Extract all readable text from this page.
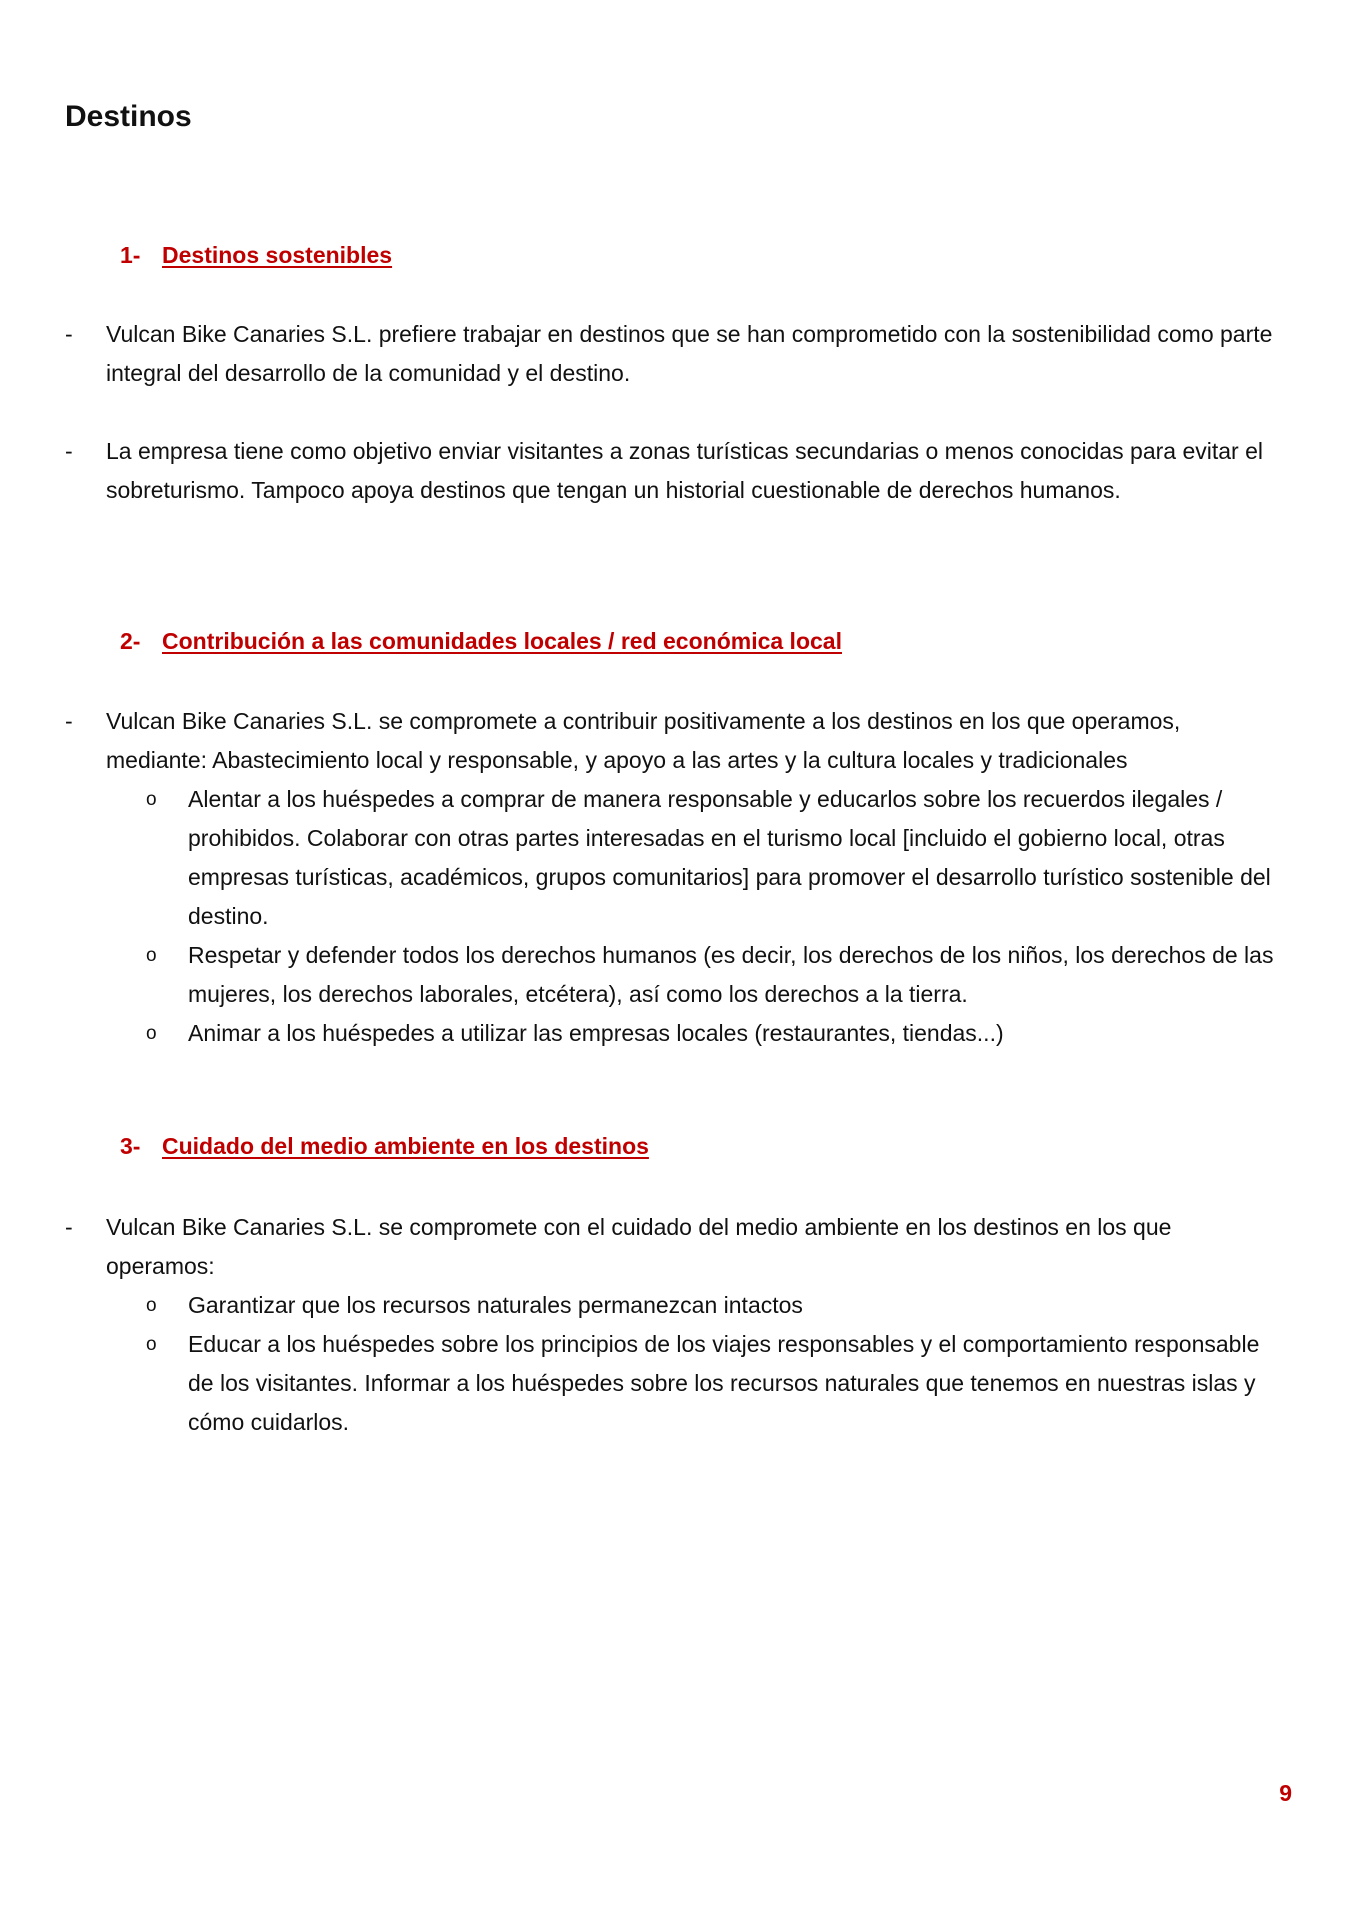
Destinos
1- Destinos sostenibles
- Vulcan Bike Canaries S.L. prefiere trabajar en destinos que se han comprometido con la sostenibilidad como parte integral del desarrollo de la comunidad y el destino.
- La empresa tiene como objetivo enviar visitantes a zonas turísticas secundarias o menos conocidas para evitar el sobreturismo. Tampoco apoya destinos que tengan un historial cuestionable de derechos humanos.
2- Contribución a las comunidades locales / red económica local
- Vulcan Bike Canaries S.L. se compromete a contribuir positivamente a los destinos en los que operamos, mediante: Abastecimiento local y responsable, y apoyo a las artes y la cultura locales y tradicionales
o Alentar a los huéspedes a comprar de manera responsable y educarlos sobre los recuerdos ilegales / prohibidos. Colaborar con otras partes interesadas en el turismo local [incluido el gobierno local, otras empresas turísticas, académicos, grupos comunitarios] para promover el desarrollo turístico sostenible del destino.
o Respetar y defender todos los derechos humanos (es decir, los derechos de los niños, los derechos de las mujeres, los derechos laborales, etcétera), así como los derechos a la tierra.
o Animar a los huéspedes a utilizar las empresas locales (restaurantes, tiendas...)
3- Cuidado del medio ambiente en los destinos
- Vulcan Bike Canaries S.L. se compromete con el cuidado del medio ambiente en los destinos en los que operamos:
o Garantizar que los recursos naturales permanezcan intactos
o Educar a los huéspedes sobre los principios de los viajes responsables y el comportamiento responsable de los visitantes. Informar a los huéspedes sobre los recursos naturales que tenemos en nuestras islas y cómo cuidarlos.
9
